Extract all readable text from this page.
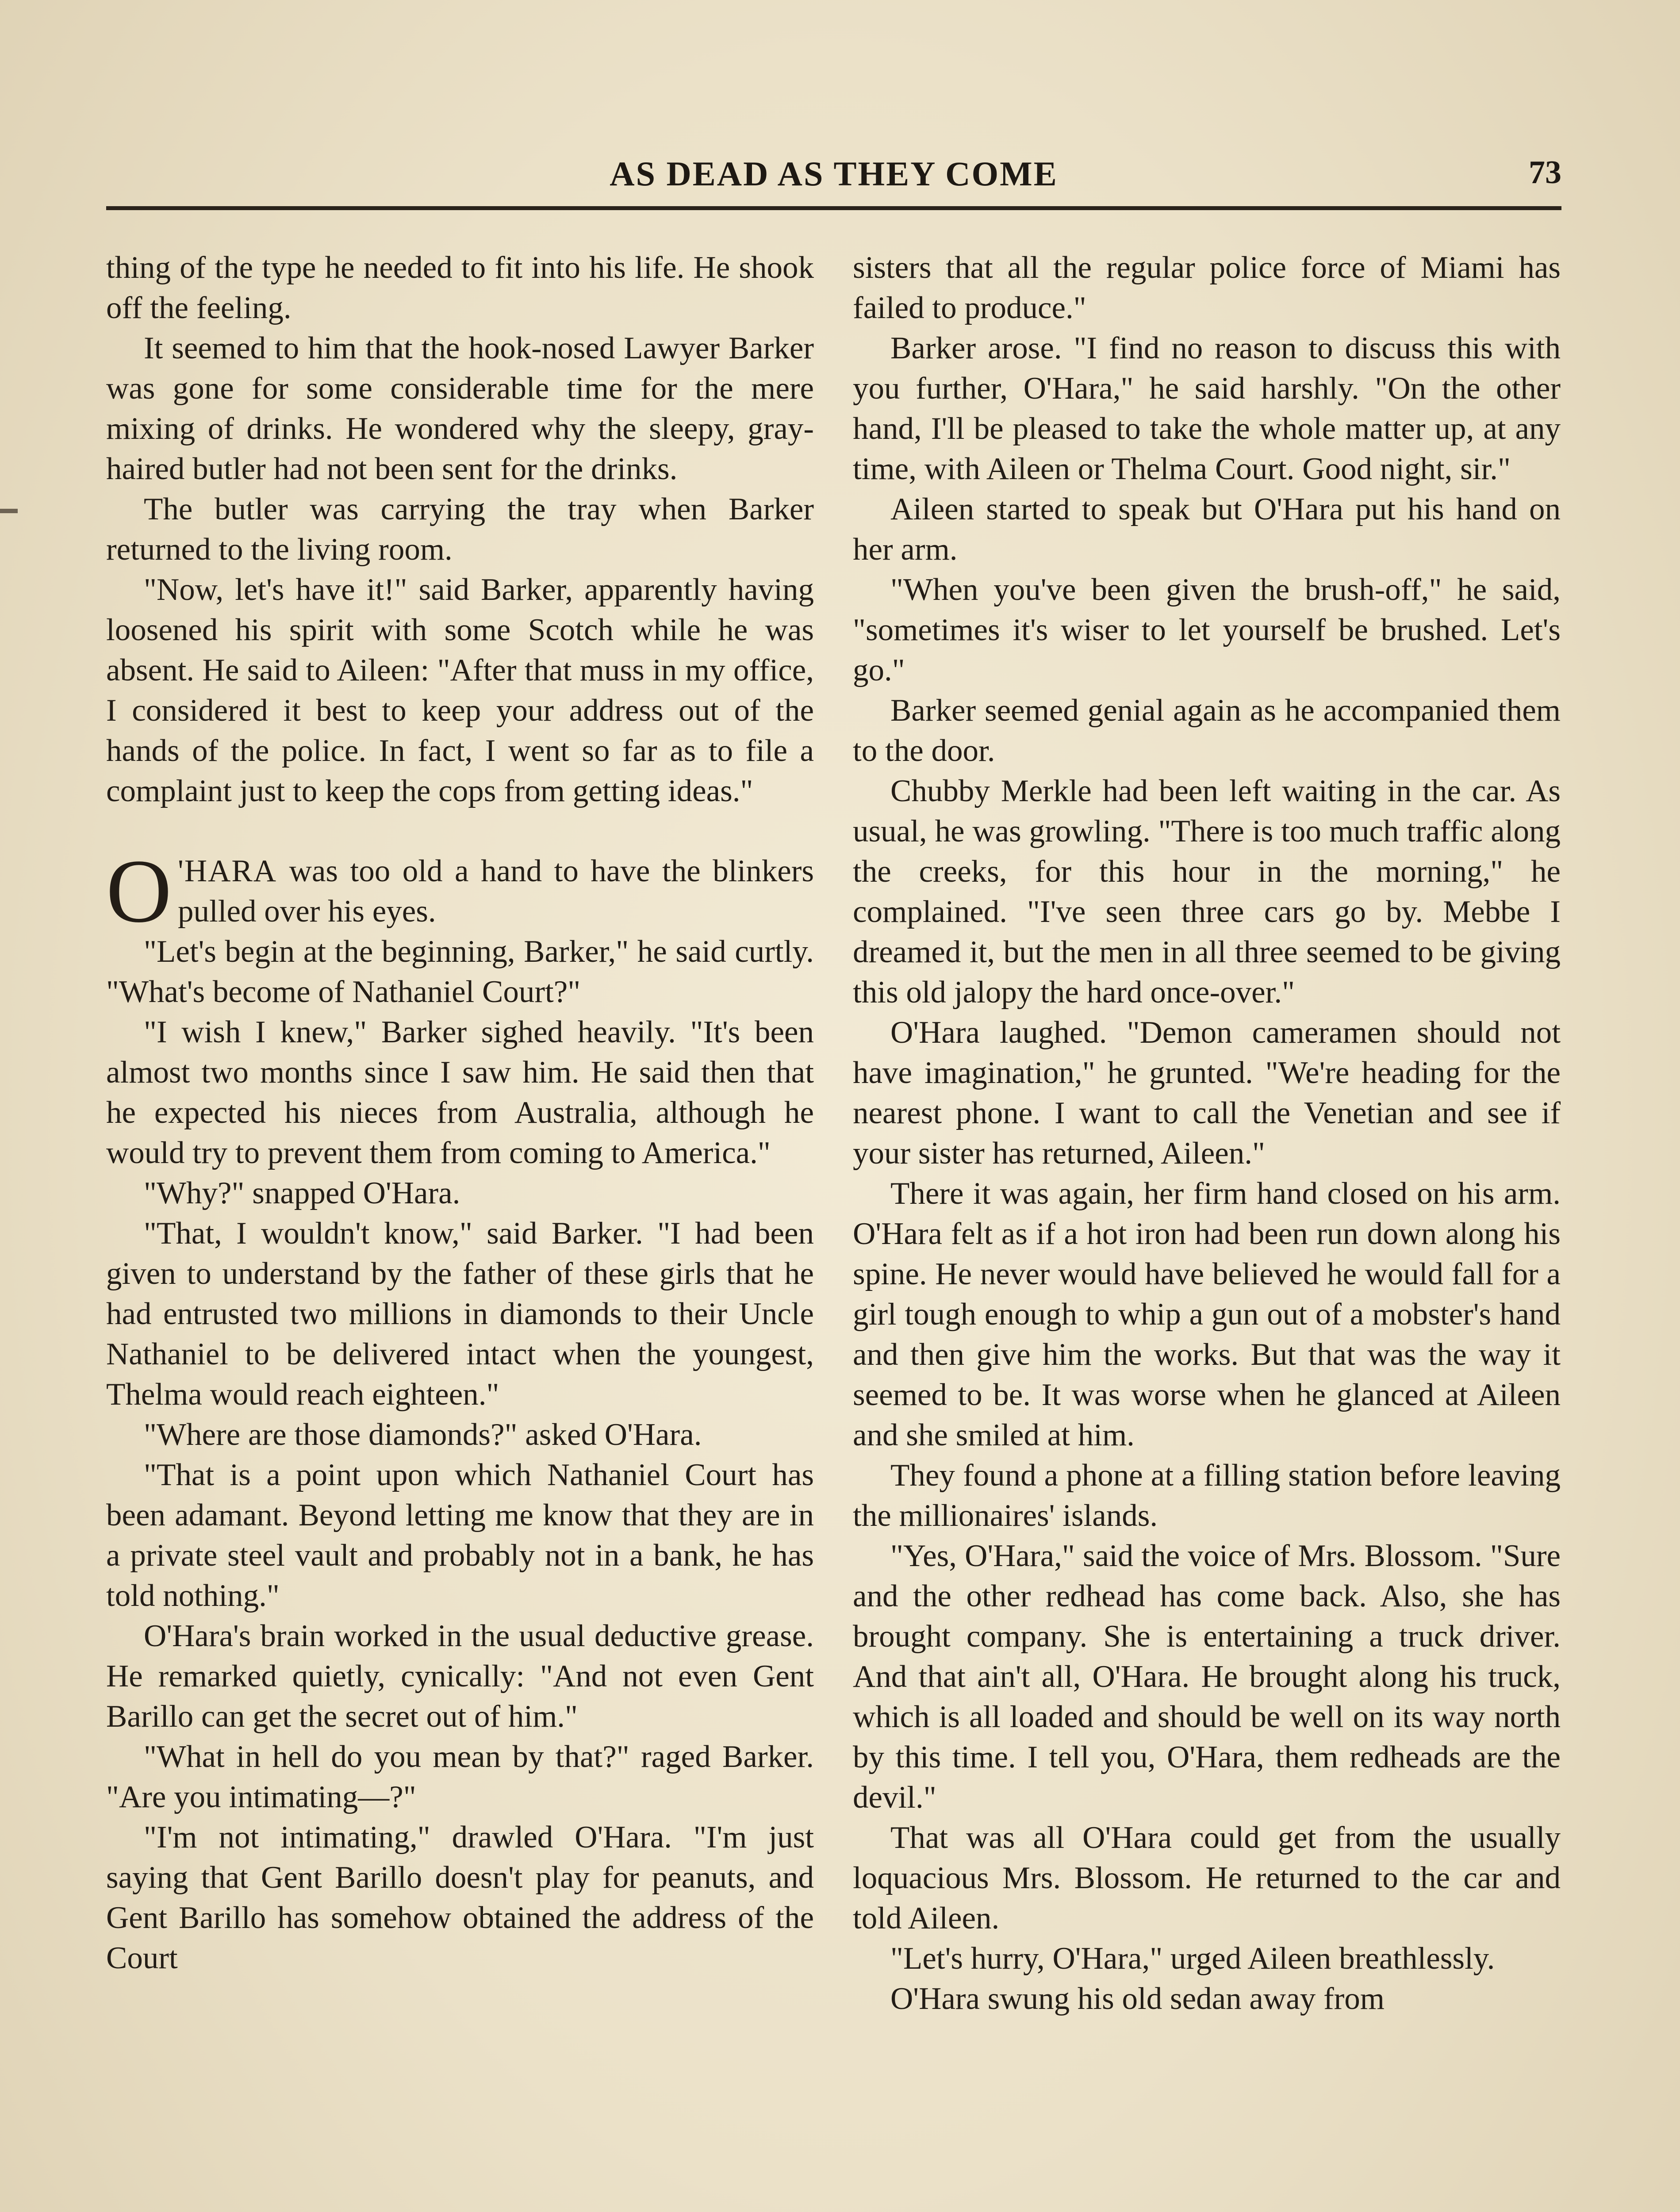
AS DEAD AS THEY COME	73

thing of the type he needed to fit into his life. He shook off the feeling.

It seemed to him that the hook-nosed Lawyer Barker was gone for some considerable time for the mere mixing of drinks. He wondered why the sleepy, gray-haired butler had not been sent for the drinks.

The butler was carrying the tray when Barker returned to the living room.

"Now, let's have it!" said Barker, apparently having loosened his spirit with some Scotch while he was absent. He said to Aileen: "After that muss in my office, I considered it best to keep your address out of the hands of the police. In fact, I went so far as to file a complaint just to keep the cops from getting ideas."

O 'HARA was too old a hand to have the blinkers pulled over his eyes.

"Let's begin at the beginning, Barker," he said curtly. "What's become of Nathaniel Court?"

"I wish I knew," Barker sighed heavily. "It's been almost two months since I saw him. He said then that he expected his nieces from Australia, although he would try to prevent them from coming to America."

"Why?" snapped O'Hara.

"That, I wouldn't know," said Barker. "I had been given to understand by the father of these girls that he had entrusted two millions in diamonds to their Uncle Nathaniel to be delivered intact when the youngest, Thelma would reach eighteen."

"Where are those diamonds?" asked O'Hara.

"That is a point upon which Nathaniel Court has been adamant. Beyond letting me know that they are in a private steel vault and probably not in a bank, he has told nothing."

O'Hara's brain worked in the usual deductive grease. He remarked quietly, cynically: "And not even Gent Barillo can get the secret out of him."

"What in hell do you mean by that?" raged Barker. "Are you intimating—?"

"I'm not intimating," drawled O'Hara. "I'm just saying that Gent Barillo doesn't play for peanuts, and Gent Barillo has somehow obtained the address of the Court

sisters that all the regular police force of Miami has failed to produce."

Barker arose. "I find no reason to discuss this with you further, O'Hara," he said harshly. "On the other hand, I'll be pleased to take the whole matter up, at any time, with Aileen or Thelma Court. Good night, sir."

Aileen started to speak but O'Hara put his hand on her arm.

"When you've been given the brush-off," he said, "sometimes it's wiser to let yourself be brushed. Let's go."

Barker seemed genial again as he accompanied them to the door.

Chubby Merkle had been left waiting in the car. As usual, he was growling. "There is too much traffic along the creeks, for this hour in the morning," he complained. "I've seen three cars go by. Mebbe I dreamed it, but the men in all three seemed to be giving this old jalopy the hard once-over."

O'Hara laughed. "Demon cameramen should not have imagination," he grunted. "We're heading for the nearest phone. I want to call the Venetian and see if your sister has returned, Aileen."

There it was again, her firm hand closed on his arm. O'Hara felt as if a hot iron had been run down along his spine. He never would have believed he would fall for a girl tough enough to whip a gun out of a mobster's hand and then give him the works. But that was the way it seemed to be. It was worse when he glanced at Aileen and she smiled at him.

They found a phone at a filling station before leaving the millionaires' islands.

"Yes, O'Hara," said the voice of Mrs. Blossom. "Sure and the other redhead has come back. Also, she has brought company. She is entertaining a truck driver. And that ain't all, O'Hara. He brought along his truck, which is all loaded and should be well on its way north by this time. I tell you, O'Hara, them redheads are the devil."

That was all O'Hara could get from the usually loquacious Mrs. Blossom. He returned to the car and told Aileen.

"Let's hurry, O'Hara," urged Aileen breathlessly.

O'Hara swung his old sedan away from
